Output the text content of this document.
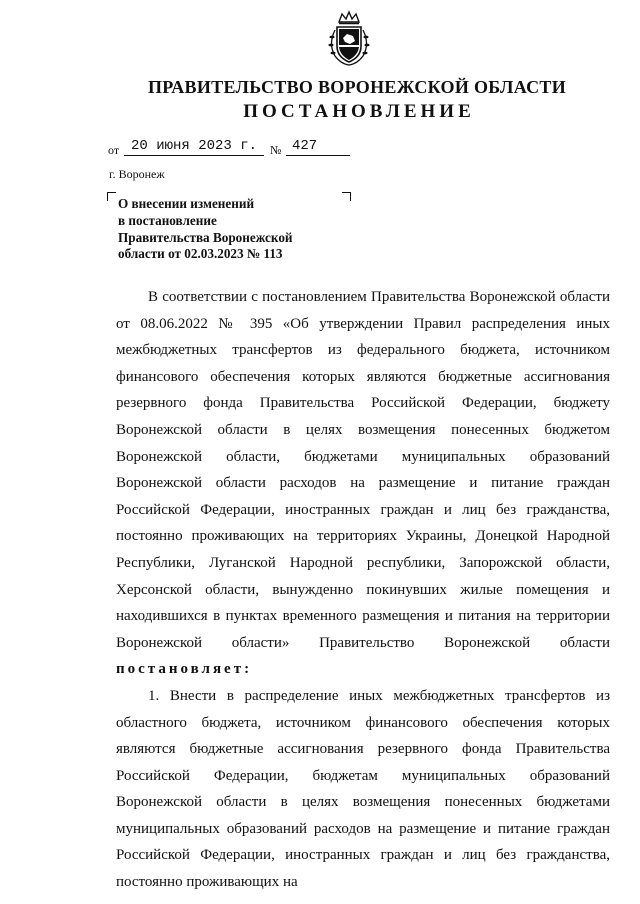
ПРАВИТЕЛЬСТВО ВОРОНЕЖСКОЙ ОБЛАСТИ
ПОСТАНОВЛЕНИЕ
от 20 июня 2023 г.	№ 427
г. Воронеж
О внесении изменений
в постановление
Правительства Воронежской
области от 02.03.2023 № 113

В соответствии с постановлением Правительства Воронежской области от 08.06.2022 № 395 «Об утверждении Правил распределения иных межбюджетных трансфертов из федерального бюджета, источником финансового обеспечения которых являются бюджетные ассигнования резервного фонда Правительства Российской Федерации, бюджету Воронежской области в целях возмещения понесенных бюджетом Воронежской области, бюджетами муниципальных образований Воронежской области расходов на размещение и питание граждан Российской Федерации, иностранных граждан и лиц без гражданства, постоянно проживающих на территориях Украины, Донецкой Народной Республики, Луганской Народной республики, Запорожской области, Херсонской области, вынужденно покинувших жилые помещения и находившихся в пунктах временного размещения и питания на территории Воронежской области» Правительство Воронежской области постановляет:

1. Внести в распределение иных межбюджетных трансфертов из областного бюджета, источником финансового обеспечения которых являются бюджетные ассигнования резервного фонда Правительства Российской Федерации, бюджетам муниципальных образований Воронежской области в целях возмещения понесенных бюджетами муниципальных образований расходов на размещение и питание граждан Российской Федерации, иностранных граждан и лиц без гражданства, постоянно проживающих на
